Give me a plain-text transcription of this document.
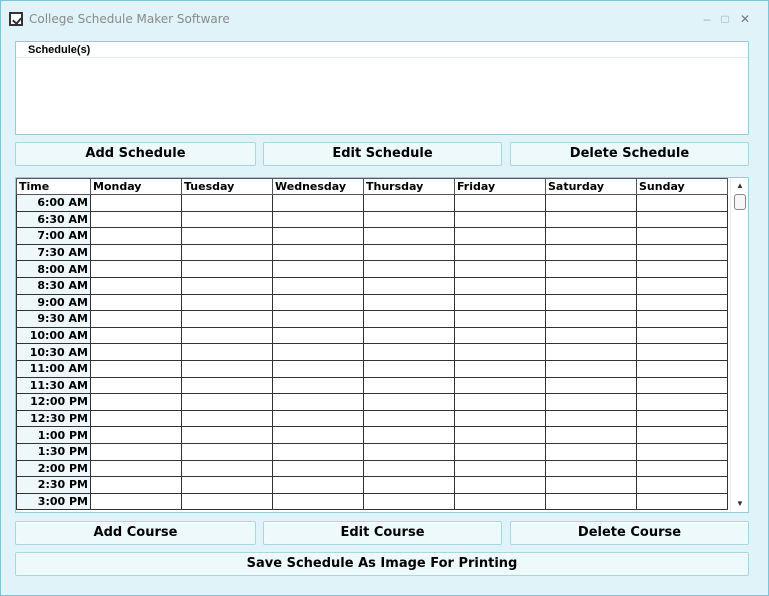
College Schedule Maker Software	– □ ✕
Schedule(s)
Add Schedule	Edit Schedule	Delete Schedule
Time	Monday	Tuesday	Wednesday	Thursday	Friday	Saturday	Sunday
6:00 AM							
6:30 AM							
7:00 AM							
7:30 AM							
8:00 AM							
8:30 AM							
9:00 AM							
9:30 AM							
10:00 AM							
10:30 AM							
11:00 AM							
11:30 AM							
12:00 PM							
12:30 PM							
1:00 PM							
1:30 PM							
2:00 PM							
2:30 PM							
3:00 PM							
▲
▼
Add Course	Edit Course	Delete Course
Save Schedule As Image For Printing
